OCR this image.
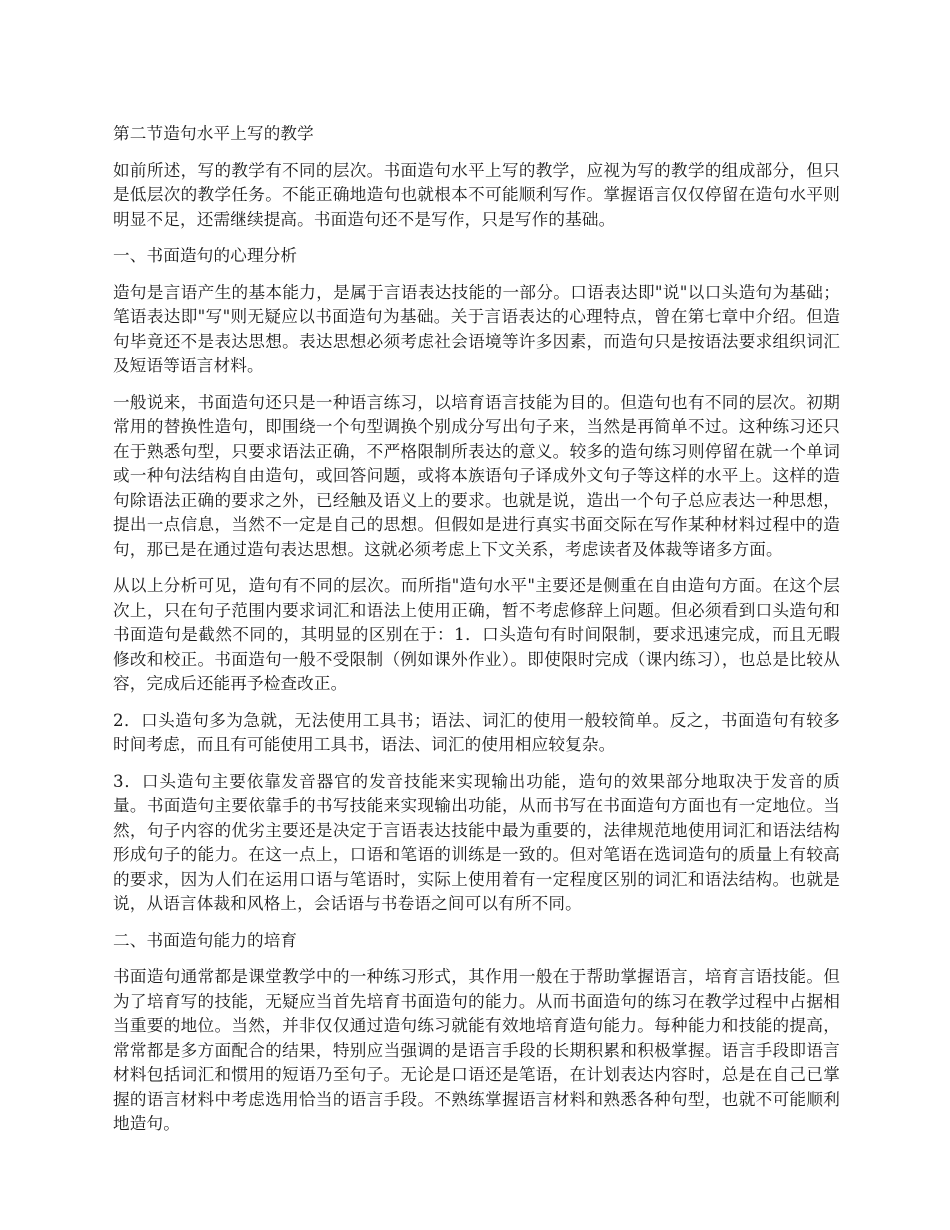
第二节造句水平上写的教学
如前所述，写的教学有不同的层次。书面造句水平上写的教学，应视为写的教学的组成部分，但只是低层次的教学任务。不能正确地造句也就根本不可能顺利写作。掌握语言仅仅停留在造句水平则明显不足，还需继续提高。书面造句还不是写作，只是写作的基础。
一、书面造句的心理分析
造句是言语产生的基本能力，是属于言语表达技能的一部分。口语表达即"说"以口头造句为基础；笔语表达即"写"则无疑应以书面造句为基础。关于言语表达的心理特点，曾在第七章中介绍。但造句毕竟还不是表达思想。表达思想必须考虑社会语境等许多因素，而造句只是按语法要求组织词汇及短语等语言材料。
一般说来，书面造句还只是一种语言练习，以培育语言技能为目的。但造句也有不同的层次。初期常用的替换性造句，即围绕一个句型调换个别成分写出句子来，当然是再简单不过。这种练习还只在于熟悉句型，只要求语法正确，不严格限制所表达的意义。较多的造句练习则停留在就一个单词或一种句法结构自由造句，或回答问题，或将本族语句子译成外文句子等这样的水平上。这样的造句除语法正确的要求之外，已经触及语义上的要求。也就是说，造出一个句子总应表达一种思想，提出一点信息，当然不一定是自己的思想。但假如是进行真实书面交际在写作某种材料过程中的造句，那已是在通过造句表达思想。这就必须考虑上下文关系，考虑读者及体裁等诸多方面。
从以上分析可见，造句有不同的层次。而所指"造句水平"主要还是侧重在自由造句方面。在这个层次上，只在句子范围内要求词汇和语法上使用正确，暂不考虑修辞上问题。但必须看到口头造句和书面造句是截然不同的，其明显的区别在于：1．口头造句有时间限制，要求迅速完成，而且无暇修改和校正。书面造句一般不受限制（例如课外作业）。即使限时完成（课内练习），也总是比较从容，完成后还能再予检查改正。
2．口头造句多为急就，无法使用工具书；语法、词汇的使用一般较简单。反之，书面造句有较多时间考虑，而且有可能使用工具书，语法、词汇的使用相应较复杂。
3．口头造句主要依靠发音器官的发音技能来实现输出功能，造句的效果部分地取决于发音的质量。书面造句主要依靠手的书写技能来实现输出功能，从而书写在书面造句方面也有一定地位。当然，句子内容的优劣主要还是决定于言语表达技能中最为重要的，法律规范地使用词汇和语法结构形成句子的能力。在这一点上，口语和笔语的训练是一致的。但对笔语在选词造句的质量上有较高的要求，因为人们在运用口语与笔语时，实际上使用着有一定程度区别的词汇和语法结构。也就是说，从语言体裁和风格上，会话语与书卷语之间可以有所不同。
二、书面造句能力的培育
书面造句通常都是课堂教学中的一种练习形式，其作用一般在于帮助掌握语言，培育言语技能。但为了培育写的技能，无疑应当首先培育书面造句的能力。从而书面造句的练习在教学过程中占据相当重要的地位。当然，并非仅仅通过造句练习就能有效地培育造句能力。每种能力和技能的提高，常常都是多方面配合的结果，特别应当强调的是语言手段的长期积累和积极掌握。语言手段即语言材料包括词汇和惯用的短语乃至句子。无论是口语还是笔语，在计划表达内容时，总是在自己已掌握的语言材料中考虑选用恰当的语言手段。不熟练掌握语言材料和熟悉各种句型，也就不可能顺利地造句。
